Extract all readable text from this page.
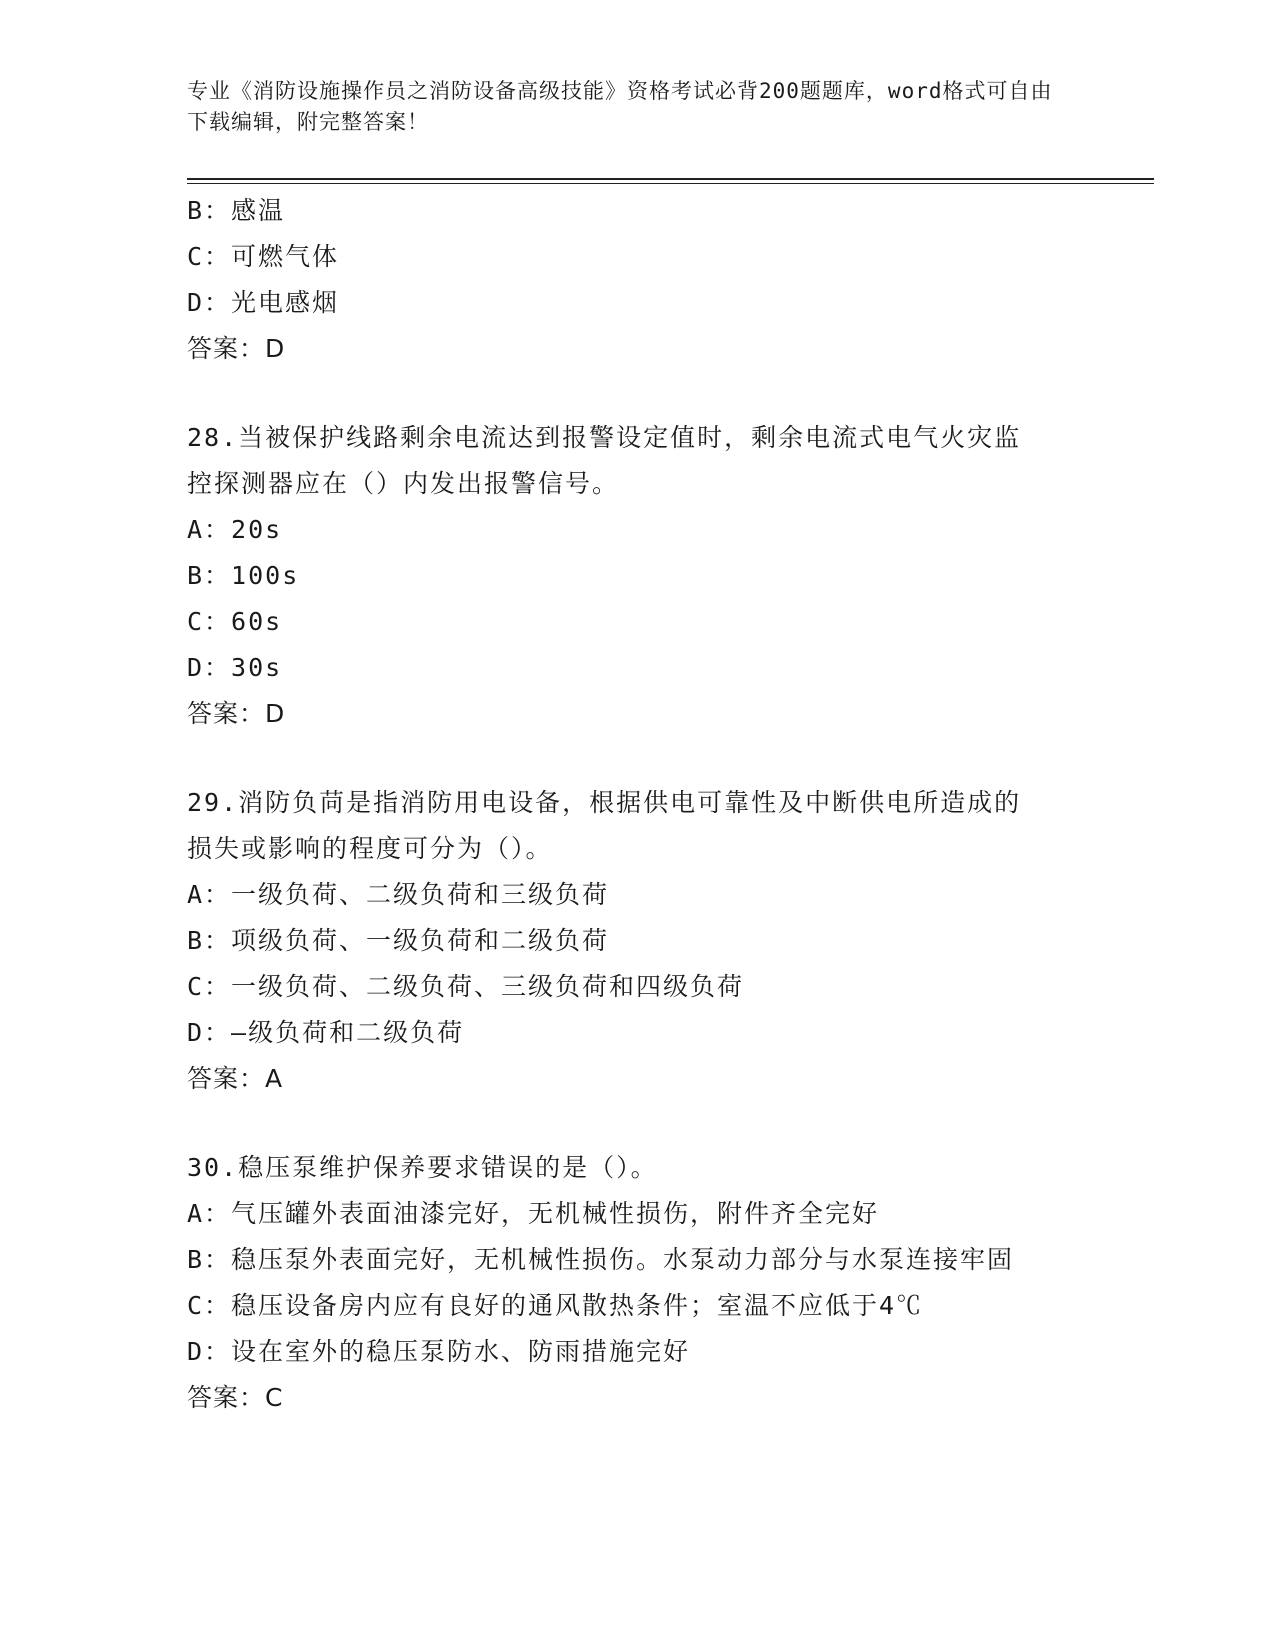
专业《消防设施操作员之消防设备高级技能》资格考试必背200题题库，word格式可自由下载编辑，附完整答案！
B：感温
C：可燃气体
D：光电感烟
答案：D
28.当被保护线路剩余电流达到报警设定值时，剩余电流式电气火灾监
控探测器应在（）内发出报警信号。
A：20s
B：100s
C：60s
D：30s
答案：D
29.消防负苘是指消防用电设备，根据供电可靠性及中断供电所造成的
损失或影响的程度可分为（）。
A：一级负荷、二级负荷和三级负荷
B：项级负荷、一级负荷和二级负荷
C：一级负荷、二级负荷、三级负荷和四级负荷
D：—级负荷和二级负荷
答案：A
30.稳压泵维护保养要求错误的是（）。
A：气压罐外表面油漆完好，无机械性损伤，附件齐全完好
B：稳压泵外表面完好，无机械性损伤。水泵动力部分与水泵连接牢固
C：稳压设备房内应有良好的通风散热条件；室温不应低于4℃
D：设在室外的稳压泵防水、防雨措施完好
答案：C
